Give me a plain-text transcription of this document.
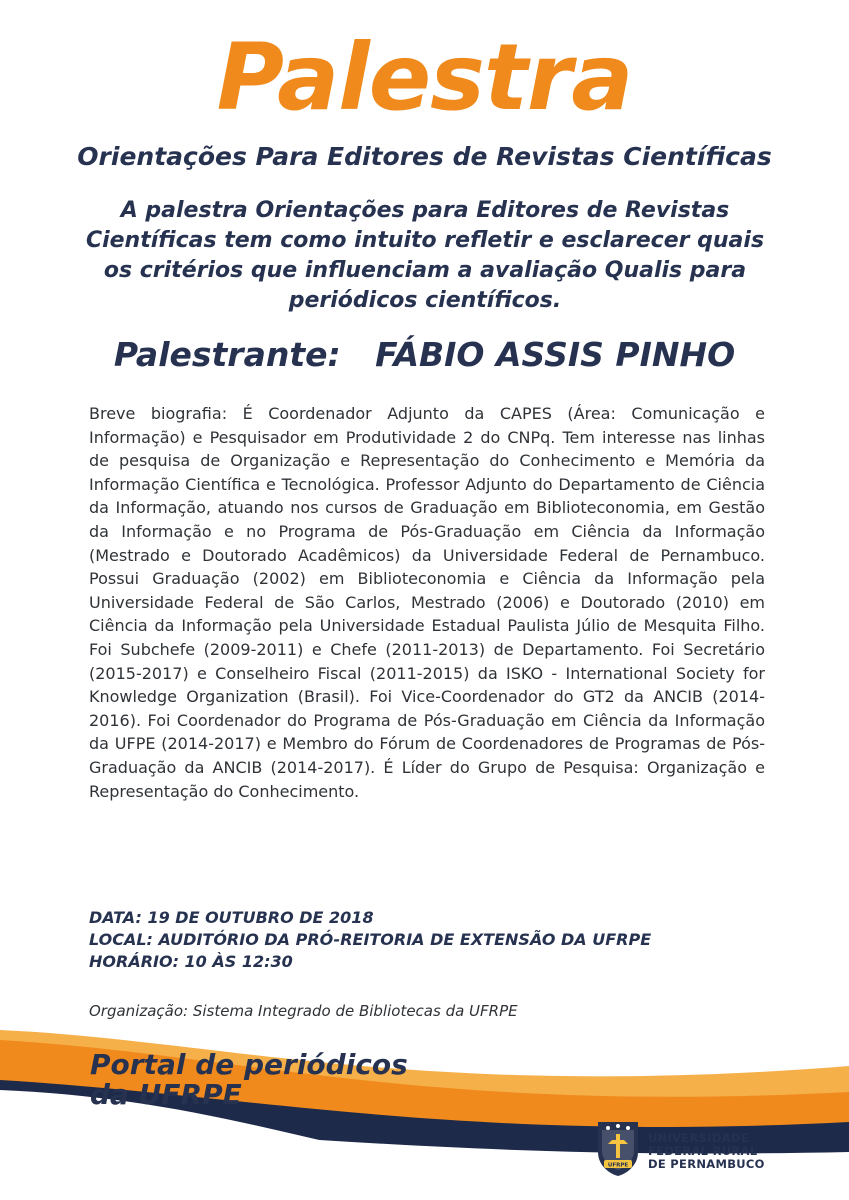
Palestra
Orientações Para Editores de Revistas Científicas
A palestra Orientações para Editores de Revistas Científicas tem como intuito refletir e esclarecer quais os critérios que influenciam a avaliação Qualis para periódicos científicos.
Palestrante: FÁBIO ASSIS PINHO
Breve biografia: É Coordenador Adjunto da CAPES (Área: Comunicação e Informação) e Pesquisador em Produtividade 2 do CNPq. Tem interesse nas linhas de pesquisa de Organização e Representação do Conhecimento e Memória da Informação Científica e Tecnológica. Professor Adjunto do Departamento de Ciência da Informação, atuando nos cursos de Graduação em Biblioteconomia, em Gestão da Informação e no Programa de Pós-Graduação em Ciência da Informação (Mestrado e Doutorado Acadêmicos) da Universidade Federal de Pernambuco. Possui Graduação (2002) em Biblioteconomia e Ciência da Informação pela Universidade Federal de São Carlos, Mestrado (2006) e Doutorado (2010) em Ciência da Informação pela Universidade Estadual Paulista Júlio de Mesquita Filho. Foi Subchefe (2009-2011) e Chefe (2011-2013) de Departamento. Foi Secretário (2015-2017) e Conselheiro Fiscal (2011-2015) da ISKO - International Society for Knowledge Organization (Brasil). Foi Vice-Coordenador do GT2 da ANCIB (2014-2016). Foi Coordenador do Programa de Pós-Graduação em Ciência da Informação da UFPE (2014-2017) e Membro do Fórum de Coordenadores de Programas de Pós-Graduação da ANCIB (2014-2017). É Líder do Grupo de Pesquisa: Organização e Representação do Conhecimento.
DATA: 19 DE OUTUBRO DE 2018
LOCAL: AUDITÓRIO DA PRÓ-REITORIA DE EXTENSÃO DA UFRPE
HORÁRIO: 10 ÀS 12:30
Organização: Sistema Integrado de Bibliotecas da UFRPE
Portal de periódicos
da UFRPE
UFRPE
UNIVERSIDADE
FEDERAL RURAL
DE PERNAMBUCO
